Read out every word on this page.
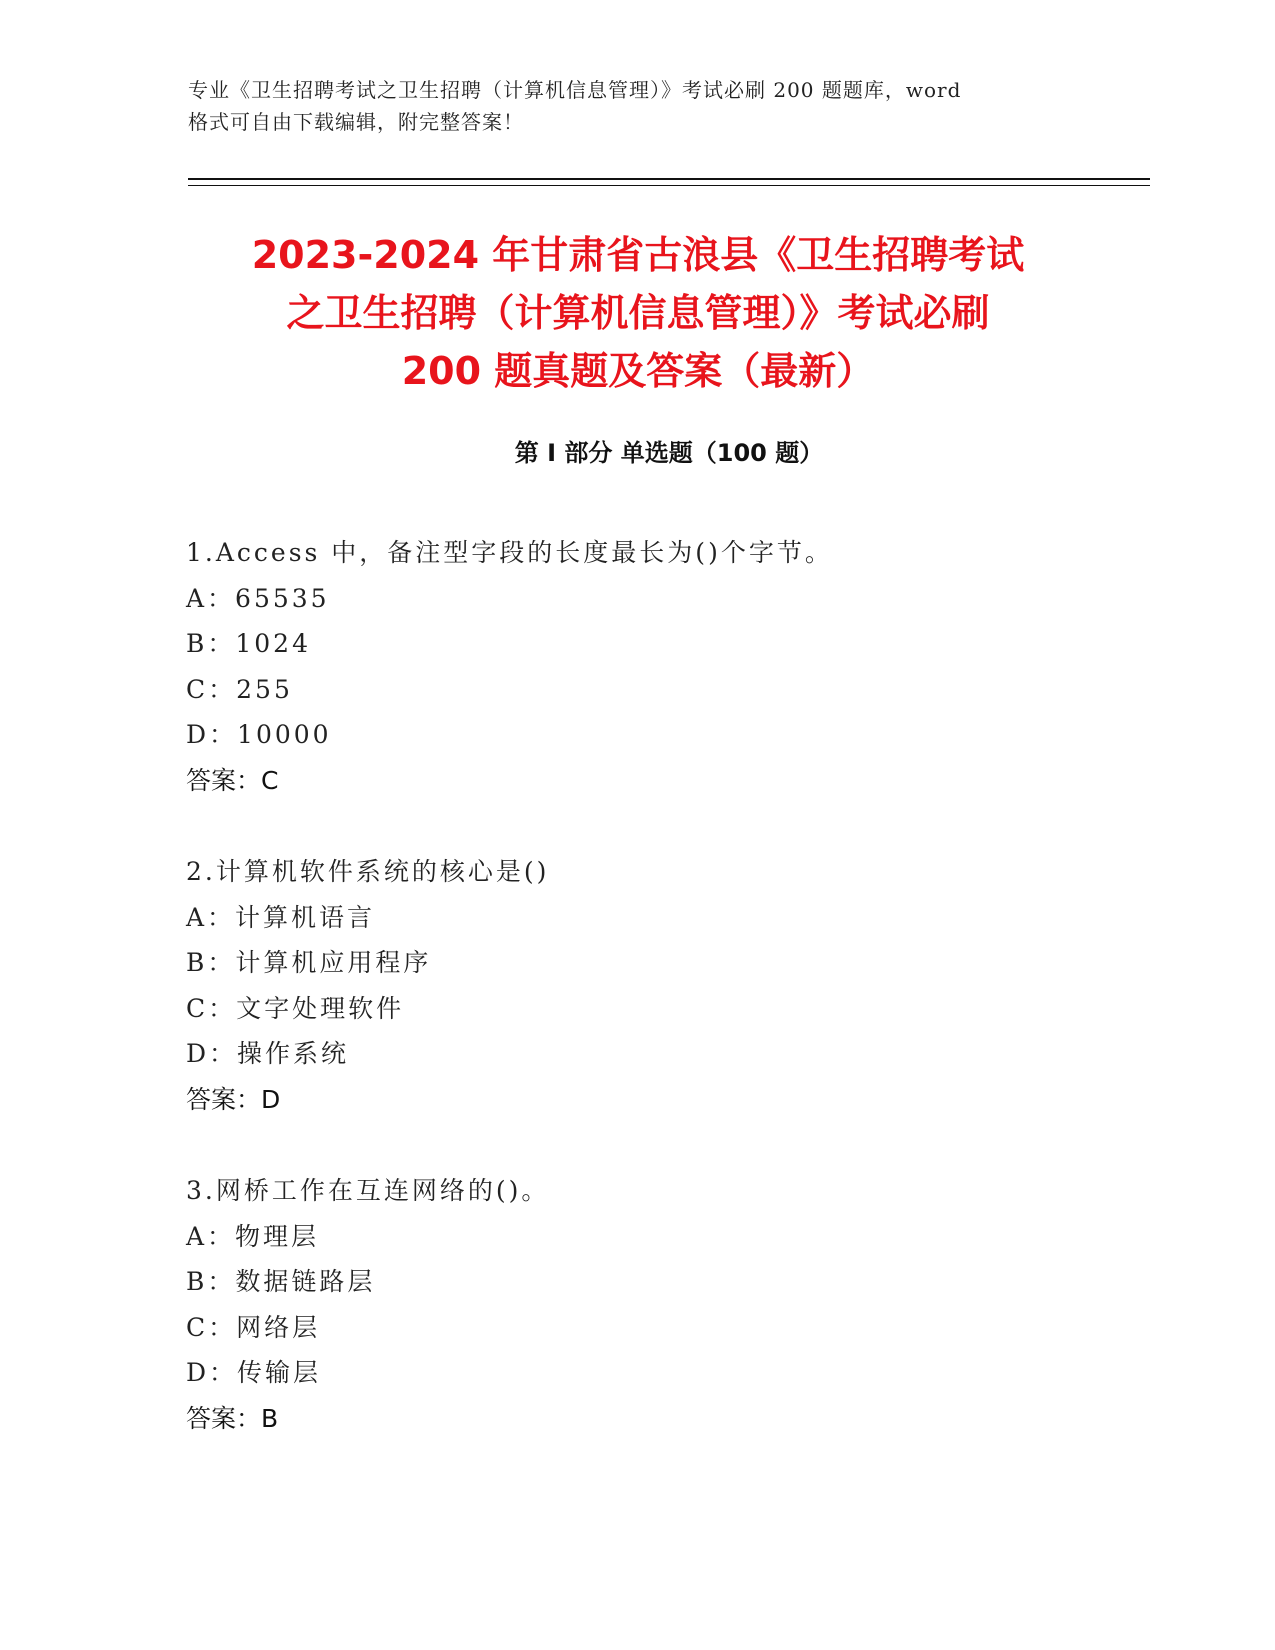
专业《卫生招聘考试之卫生招聘（计算机信息管理）》考试必刷 200 题题库，word
格式可自由下载编辑，附完整答案！
2023-2024 年甘肃省古浪县《卫生招聘考试
之卫生招聘（计算机信息管理）》考试必刷
200 题真题及答案（最新）
第 I 部分 单选题（100 题）
1.Access 中，备注型字段的长度最长为()个字节。
A：65535
B：1024
C：255
D：10000
答案：C
2.计算机软件系统的核心是()
A：计算机语言
B：计算机应用程序
C：文字处理软件
D：操作系统
答案：D
3.网桥工作在互连网络的()。
A：物理层
B：数据链路层
C：网络层
D：传输层
答案：B
